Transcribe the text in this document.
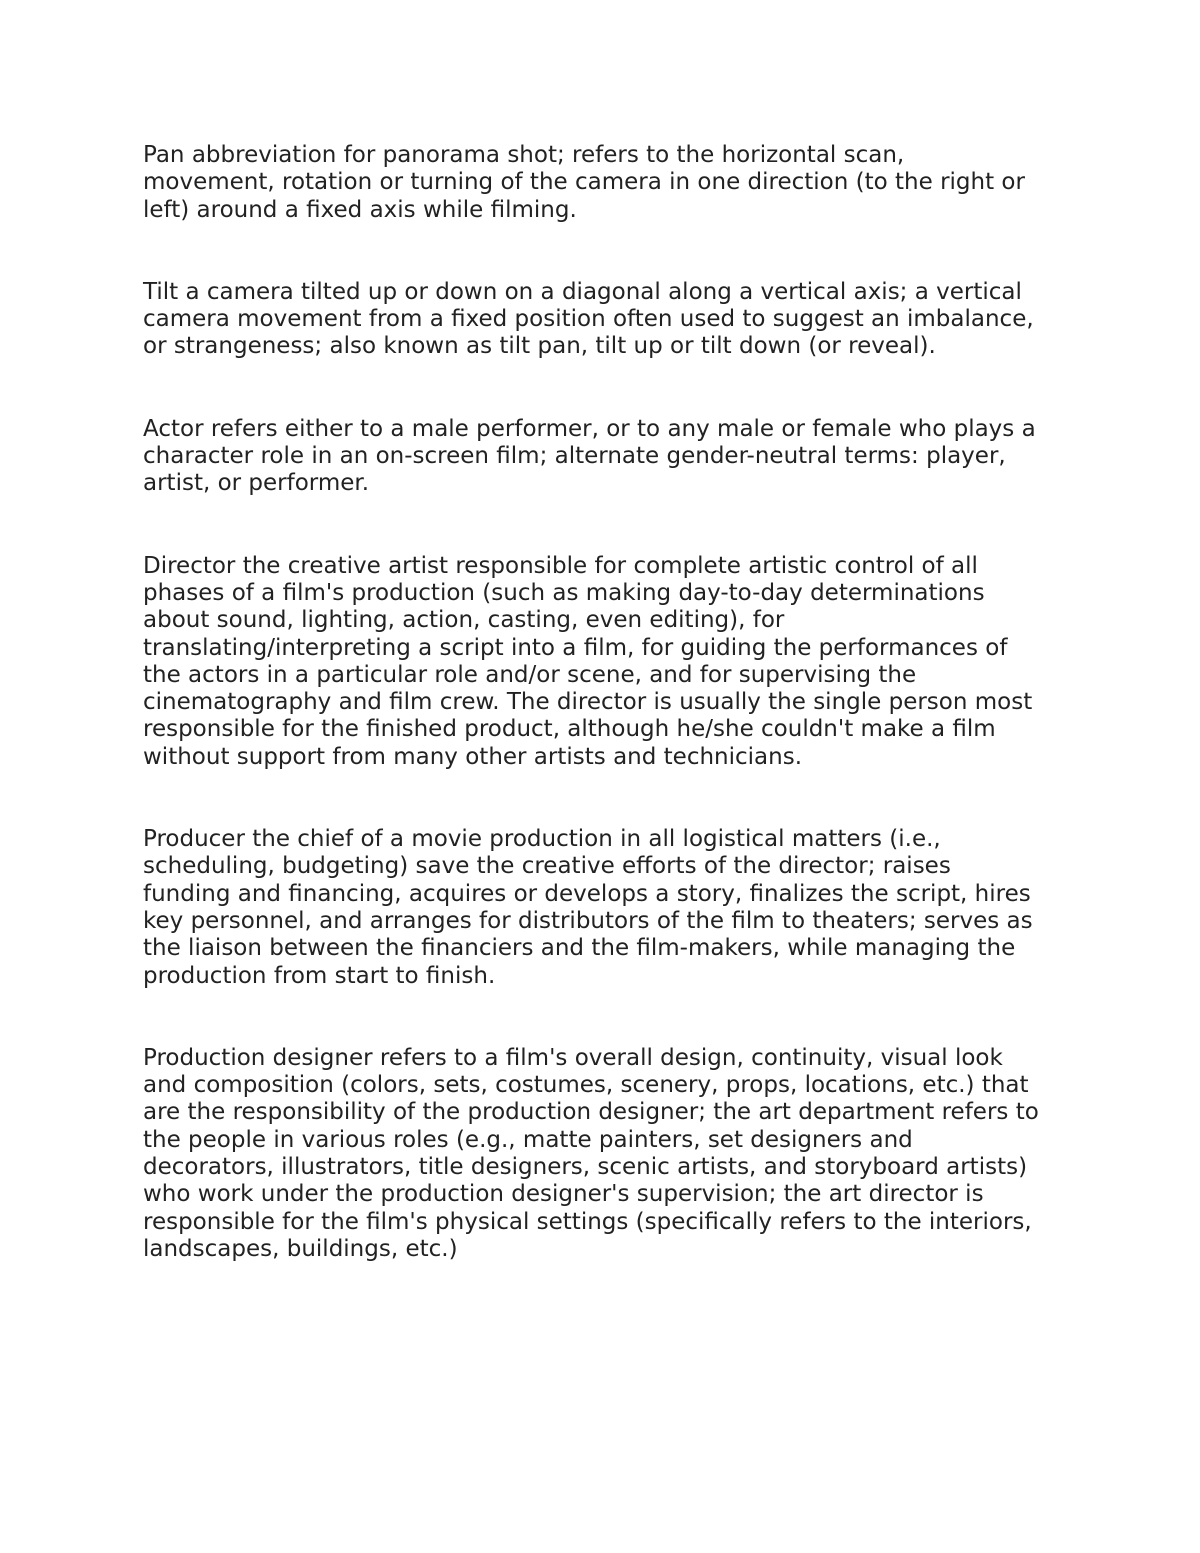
Pan abbreviation for panorama shot; refers to the horizontal scan,
movement, rotation or turning of the camera in one direction (to the right or
left) around a fixed axis while filming.

Tilt a camera tilted up or down on a diagonal along a vertical axis; a vertical
camera movement from a fixed position often used to suggest an imbalance,
or strangeness; also known as tilt pan, tilt up or tilt down (or reveal).

Actor refers either to a male performer, or to any male or female who plays a
character role in an on-screen film; alternate gender-neutral terms: player,
artist, or performer.

Director the creative artist responsible for complete artistic control of all
phases of a film's production (such as making day-to-day determinations
about sound, lighting, action, casting, even editing), for
translating/interpreting a script into a film, for guiding the performances of
the actors in a particular role and/or scene, and for supervising the
cinematography and film crew. The director is usually the single person most
responsible for the finished product, although he/she couldn't make a film
without support from many other artists and technicians.

Producer the chief of a movie production in all logistical matters (i.e.,
scheduling, budgeting) save the creative efforts of the director; raises
funding and financing, acquires or develops a story, finalizes the script, hires
key personnel, and arranges for distributors of the film to theaters; serves as
the liaison between the financiers and the film-makers, while managing the
production from start to finish.

Production designer refers to a film's overall design, continuity, visual look
and composition (colors, sets, costumes, scenery, props, locations, etc.) that
are the responsibility of the production designer; the art department refers to
the people in various roles (e.g., matte painters, set designers and
decorators, illustrators, title designers, scenic artists, and storyboard artists)
who work under the production designer's supervision; the art director is
responsible for the film's physical settings (specifically refers to the interiors,
landscapes, buildings, etc.)
